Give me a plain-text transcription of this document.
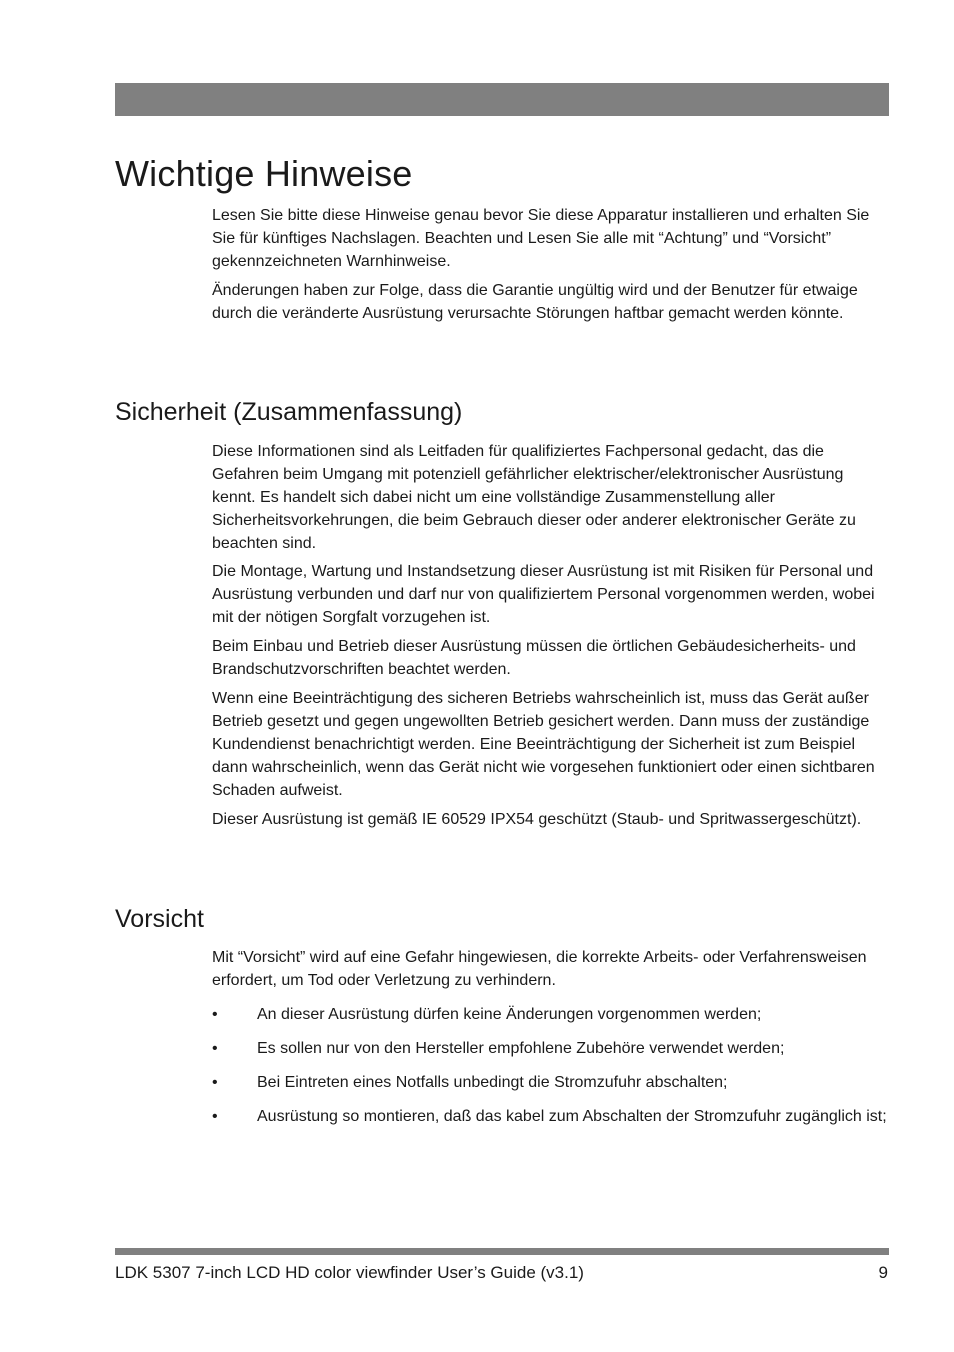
Wichtige Hinweise

Lesen Sie bitte diese Hinweise genau bevor Sie diese Apparatur installieren und erhalten Sie Sie für künftiges Nachslagen. Beachten und Lesen Sie alle mit “Achtung” und “Vorsicht” gekennzeichneten Warnhinweise.

Änderungen haben zur Folge, dass die Garantie ungültig wird und der Benutzer für etwaige durch die veränderte Ausrüstung verursachte Störungen haftbar gemacht werden könnte.

Sicherheit (Zusammenfassung)

Diese Informationen sind als Leitfaden für qualifiziertes Fachpersonal gedacht, das die Gefahren beim Umgang mit potenziell gefährlicher elektrischer/elektronischer Ausrüstung kennt. Es handelt sich dabei nicht um eine vollständige Zusammenstellung aller Sicherheitsvorkehrungen, die beim Gebrauch dieser oder anderer elektronischer Geräte zu beachten sind.

Die Montage, Wartung und Instandsetzung dieser Ausrüstung ist mit Risiken für Personal und Ausrüstung verbunden und darf nur von qualifiziertem Personal vorgenommen werden, wobei mit der nötigen Sorgfalt vorzugehen ist.

Beim Einbau und Betrieb dieser Ausrüstung müssen die örtlichen Gebäudesicherheits- und Brandschutzvorschriften beachtet werden.

Wenn eine Beeinträchtigung des sicheren Betriebs wahrscheinlich ist, muss das Gerät außer Betrieb gesetzt und gegen ungewollten Betrieb gesichert werden. Dann muss der zuständige Kundendienst benachrichtigt werden. Eine Beeinträchtigung der Sicherheit ist zum Beispiel dann wahrscheinlich, wenn das Gerät nicht wie vorgesehen funktioniert oder einen sichtbaren Schaden aufweist.

Dieser Ausrüstung ist gemäß IE 60529 IPX54 geschützt (Staub- und Spritwassergeschützt).

Vorsicht

Mit “Vorsicht” wird auf eine Gefahr hingewiesen, die korrekte Arbeits- oder Verfahrensweisen erfordert, um Tod oder Verletzung zu verhindern.

• An dieser Ausrüstung dürfen keine Änderungen vorgenommen werden;
• Es sollen nur von den Hersteller empfohlene Zubehöre verwendet werden;
• Bei Eintreten eines Notfalls unbedingt die Stromzufuhr abschalten;
• Ausrüstung so montieren, daß das kabel zum Abschalten der Stromzufuhr zugänglich ist;
LDK 5307 7-inch LCD HD color viewfinder User’s Guide (v3.1)	9
